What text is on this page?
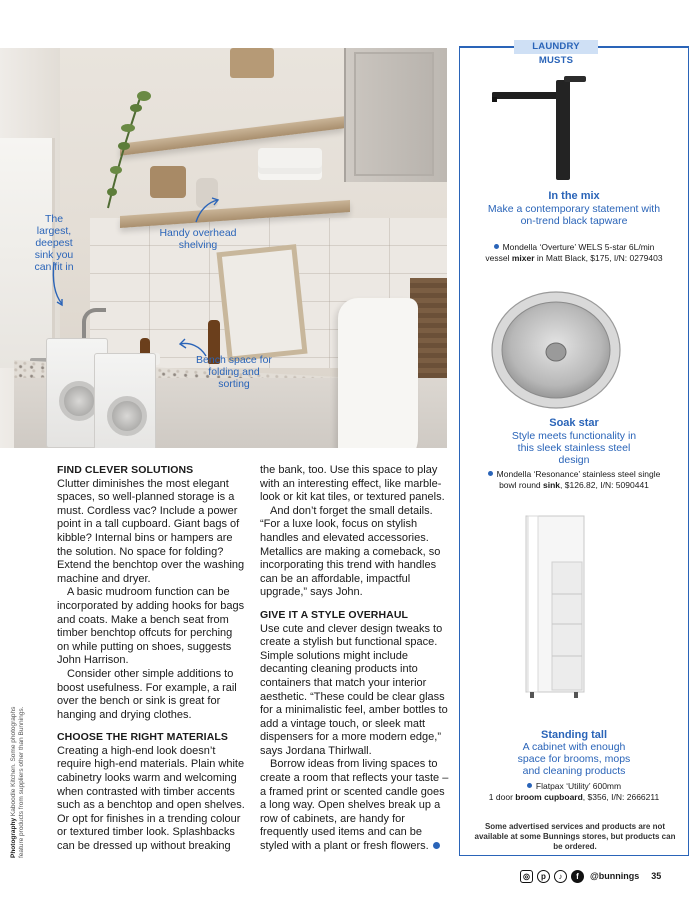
The largest, deepest sink you can fit in
Handy overhead shelving
Bench space for folding and sorting
LAUNDRY MUSTS
In the mix
Make a contemporary statement with on-trend black tapware
Mondella ‘Overture’ WELS 5-star 6L/min vessel mixer in Matt Black, $175, I/N: 0279403
Soak star
Style meets functionality in this sleek stainless steel design
Mondella ‘Resonance’ stainless steel single bowl round sink, $126.82, I/N: 5090441
Standing tall
A cabinet with enough space for brooms, mops and cleaning products
Flatpax ‘Utility’ 600mm
1 door broom cupboard, $356, I/N: 2666211
Some advertised services and products are not available at some Bunnings stores, but products can be ordered.
FIND CLEVER SOLUTIONS

Clutter diminishes the most elegant spaces, so well-planned storage is a must. Cordless vac? Include a power point in a tall cupboard. Giant bags of kibble? Internal bins or hampers are the solution. No space for folding? Extend the benchtop over the washing machine and dryer.

A basic mudroom function can be incorporated by adding hooks for bags and coats. Make a bench seat from timber benchtop offcuts for perching on while putting on shoes, suggests John Harrison.

Consider other simple additions to boost usefulness. For example, a rail over the bench or sink is great for hanging and drying clothes.

CHOOSE THE RIGHT MATERIALS

Creating a high-end look doesn’t require high-end materials. Plain white cabinetry looks warm and welcoming when contrasted with timber accents such as a benchtop and open shelves. Or opt for finishes in a trending colour or textured timber look. Splashbacks can be dressed up without breaking

the bank, too. Use this space to play with an interesting effect, like marble-look or kit kat tiles, or textured panels.

And don’t forget the small details. “For a luxe look, focus on stylish handles and elevated accessories. Metallics are making a comeback, so incorporating this trend with handles can be an affordable, impactful upgrade,” says John.

GIVE IT A STYLE OVERHAUL

Use cute and clever design tweaks to create a stylish but functional space. Simple solutions might include decanting cleaning products into containers that match your interior aesthetic. “These could be clear glass for a minimalistic feel, amber bottles to add a vintage touch, or sleek matt dispensers for a more modern edge,” says Jordana Thirlwall.

Borrow ideas from living spaces to create a room that reflects your taste – a framed print or scented candle goes a long way. Open shelves break up a row of cabinets, are handy for frequently used items and can be styled with a plant or fresh flowers.

Photography Kaboodle Kitchen. Some photographs feature products from suppliers other than Bunnings.
◎	p	♪	f	@bunnings 35
